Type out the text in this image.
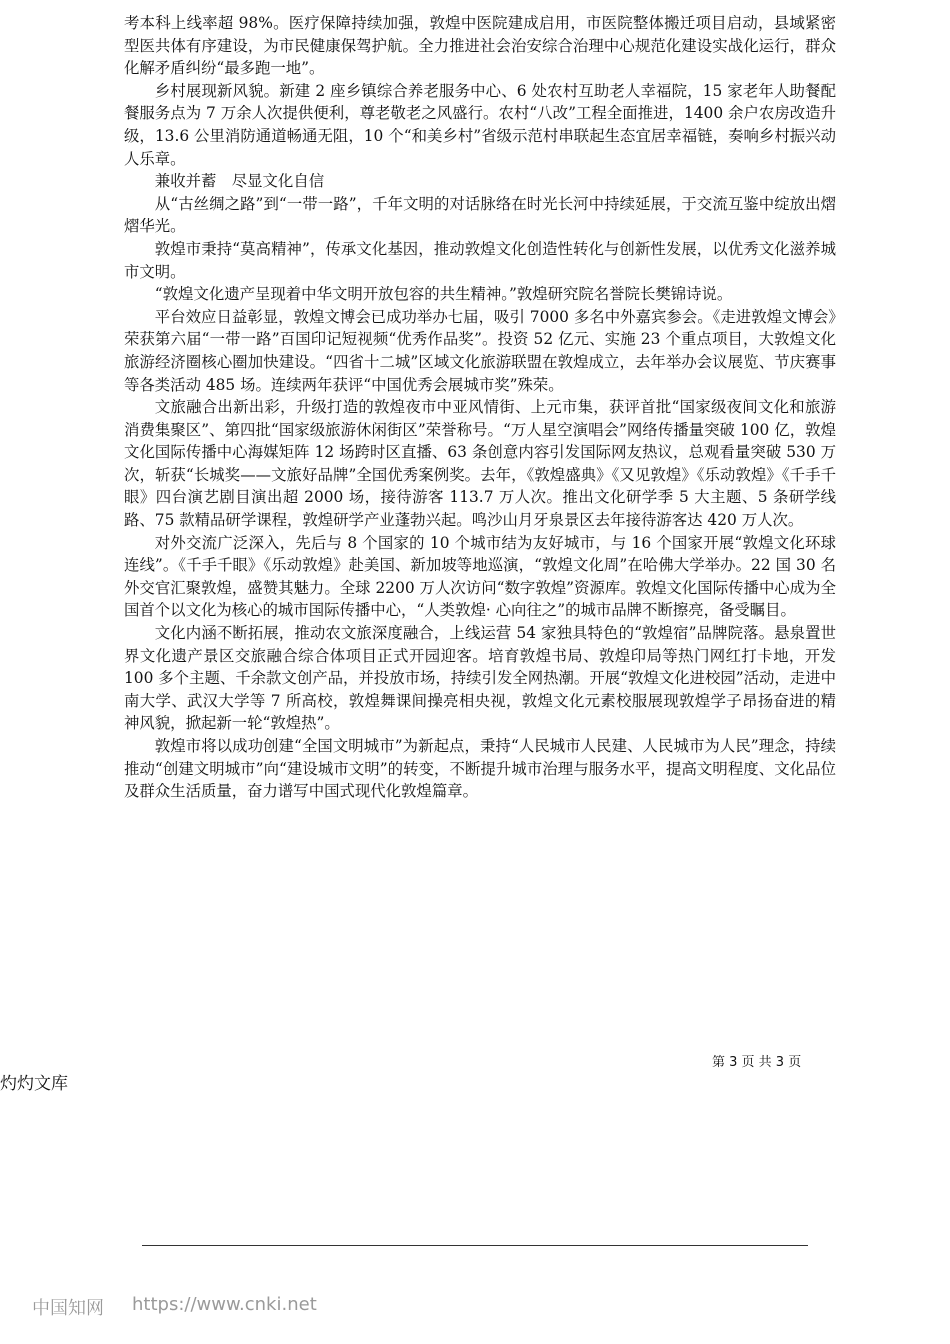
考本科上线率超 98%。医疗保障持续加强，敦煌中医院建成启用，市医院整体搬迁项目启动，县域紧密型医共体有序建设，为市民健康保驾护航。全力推进社会治安综合治理中心规范化建设实战化运行，群众化解矛盾纠纷“最多跑一地”。

乡村展现新风貌。新建 2 座乡镇综合养老服务中心、6 处农村互助老人幸福院，15 家老年人助餐配餐服务点为 7 万余人次提供便利，尊老敬老之风盛行。农村“八改”工程全面推进，1400 余户农房改造升级，13.6 公里消防通道畅通无阻，10 个“和美乡村”省级示范村串联起生态宜居幸福链，奏响乡村振兴动人乐章。

兼收并蓄　尽显文化自信

从“古丝绸之路”到“一带一路”，千年文明的对话脉络在时光长河中持续延展，于交流互鉴中绽放出熠熠华光。

敦煌市秉持“莫高精神”，传承文化基因，推动敦煌文化创造性转化与创新性发展，以优秀文化滋养城市文明。

“敦煌文化遗产呈现着中华文明开放包容的共生精神。”敦煌研究院名誉院长樊锦诗说。

平台效应日益彰显，敦煌文博会已成功举办七届，吸引 7000 多名中外嘉宾参会。《走进敦煌文博会》荣获第六届“一带一路”百国印记短视频“优秀作品奖”。投资 52 亿元、实施 23 个重点项目，大敦煌文化旅游经济圈核心圈加快建设。“四省十二城”区域文化旅游联盟在敦煌成立，去年举办会议展览、节庆赛事等各类活动 485 场。连续两年获评“中国优秀会展城市奖”殊荣。

文旅融合出新出彩，升级打造的敦煌夜市中亚风情街、上元市集，获评首批“国家级夜间文化和旅游消费集聚区”、第四批“国家级旅游休闲街区”荣誉称号。“万人星空演唱会”网络传播量突破 100 亿，敦煌文化国际传播中心海媒矩阵 12 场跨时区直播、63 条创意内容引发国际网友热议，总观看量突破 530 万次，斩获“长城奖——文旅好品牌”全国优秀案例奖。去年，《敦煌盛典》《又见敦煌》《乐动敦煌》《千手千眼》四台演艺剧目演出超 2000 场，接待游客 113.7 万人次。推出文化研学季 5 大主题、5 条研学线路、75 款精品研学课程，敦煌研学产业蓬勃兴起。鸣沙山月牙泉景区去年接待游客达 420 万人次。

对外交流广泛深入，先后与 8 个国家的 10 个城市结为友好城市，与 16 个国家开展“敦煌文化环球连线”。《千手千眼》《乐动敦煌》赴美国、新加坡等地巡演，“敦煌文化周”在哈佛大学举办。22 国 30 名外交官汇聚敦煌，盛赞其魅力。全球 2200 万人次访问“数字敦煌”资源库。敦煌文化国际传播中心成为全国首个以文化为核心的城市国际传播中心，“人类敦煌· 心向往之”的城市品牌不断擦亮，备受瞩目。

文化内涵不断拓展，推动农文旅深度融合，上线运营 54 家独具特色的“敦煌宿”品牌院落。悬泉置世界文化遗产景区交旅融合综合体项目正式开园迎客。培育敦煌书局、敦煌印局等热门网红打卡地，开发 100 多个主题、千余款文创产品，并投放市场，持续引发全网热潮。开展“敦煌文化进校园”活动，走进中南大学、武汉大学等 7 所高校，敦煌舞课间操亮相央视，敦煌文化元素校服展现敦煌学子昂扬奋进的精神风貌，掀起新一轮“敦煌热”。

敦煌市将以成功创建“全国文明城市”为新起点，秉持“人民城市人民建、人民城市为人民”理念，持续推动“创建文明城市”向“建设城市文明”的转变，不断提升城市治理与服务水平，提高文明程度、文化品位及群众生活质量，奋力谱写中国式现代化敦煌篇章。

第 3 页 共 3 页
灼灼文库
中国知网 https://www.cnki.net
